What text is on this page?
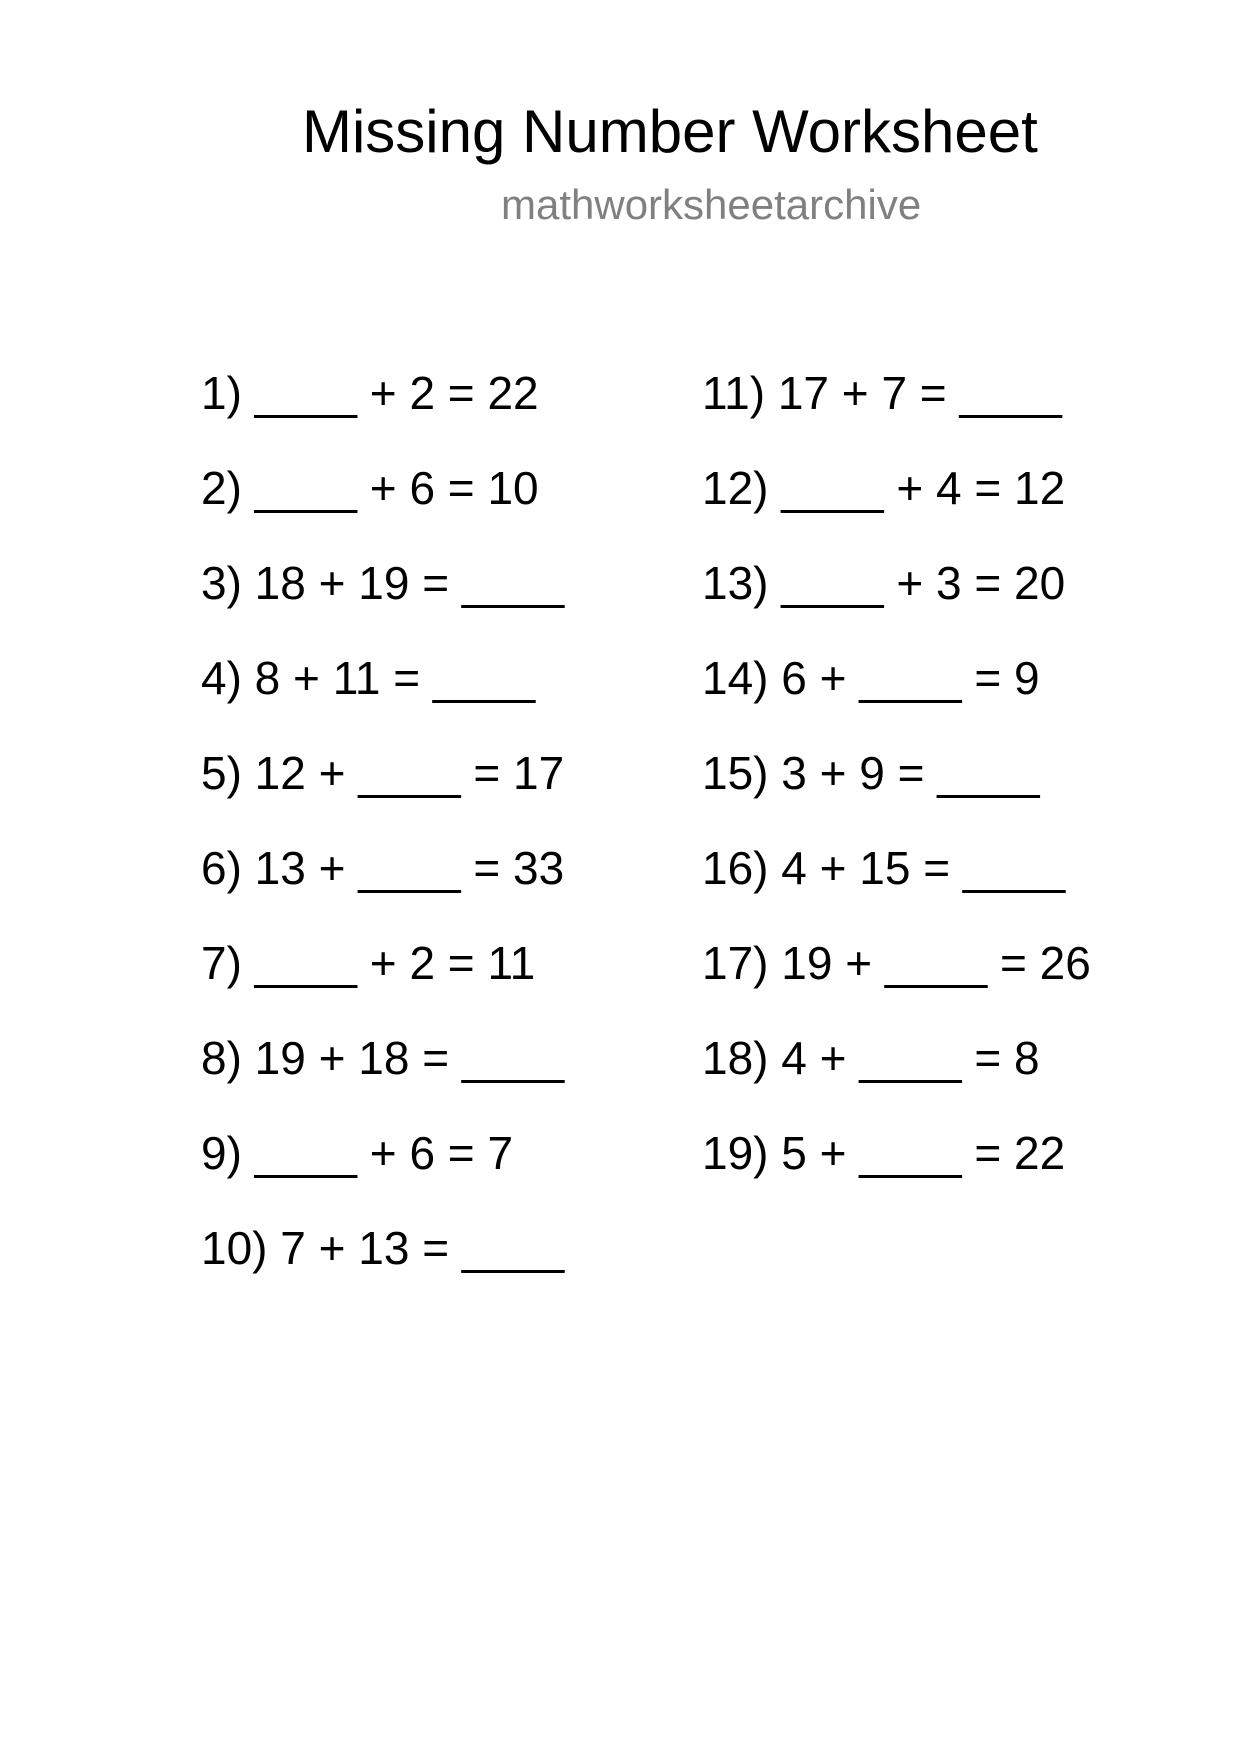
Missing Number Worksheet
mathworksheetarchive
1) ____ + 2 = 22
2) ____ + 6 = 10
3) 18 + 19 = ____
4) 8 + 11 = ____
5) 12 + ____ = 17
6) 13 + ____ = 33
7) ____ + 2 = 11
8) 19 + 18 = ____
9) ____ + 6 = 7
10) 7 + 13 = ____
11) 17 + 7 = ____
12) ____ + 4 = 12
13) ____ + 3 = 20
14) 6 + ____ = 9
15) 3 + 9 = ____
16) 4 + 15 = ____
17) 19 + ____ = 26
18) 4 + ____ = 8
19) 5 + ____ = 22
